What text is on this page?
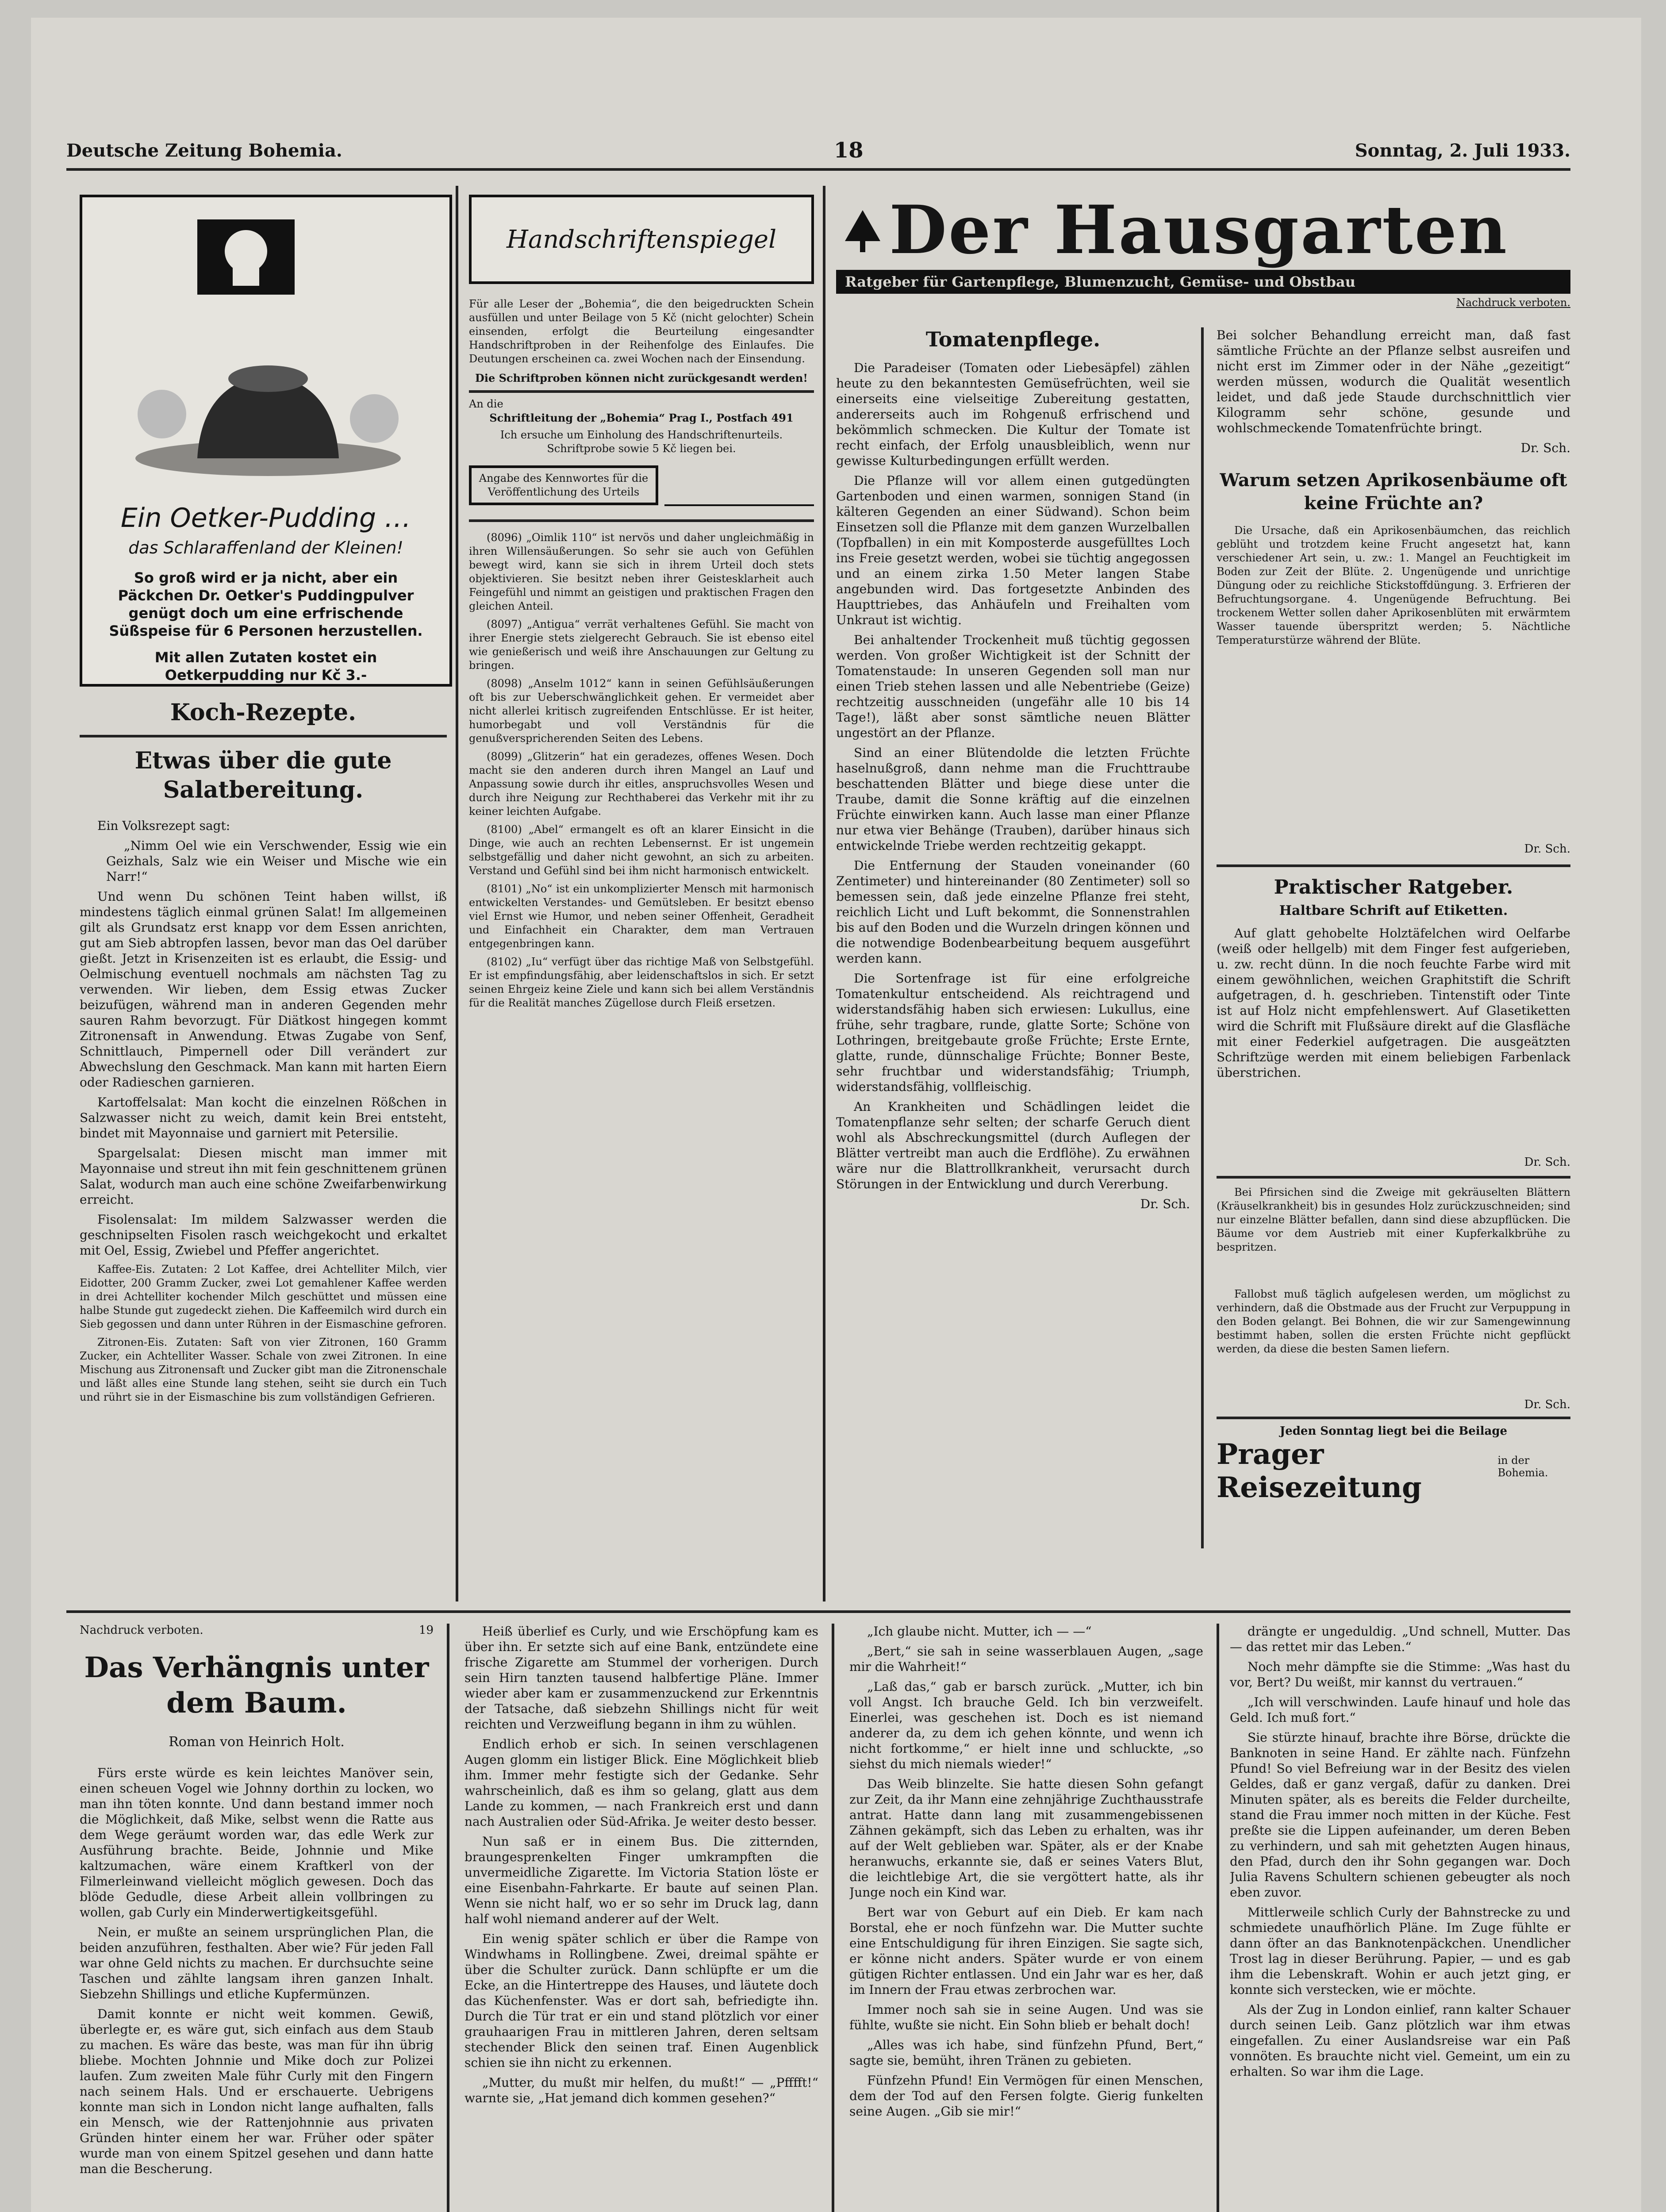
Deutsche Zeitung Bohemia.	18	Sonntag, 2. Juli 1933.
Ein Oetker-Pudding …
das Schlaraffenland der Kleinen!
So groß wird er ja nicht, aber ein Päckchen Dr. Oetker's Puddingpulver genügt doch um eine erfrischende Süßspeise für 6 Personen herzustellen.
Mit allen Zutaten kostet ein Oetkerpudding nur Kč 3.-
Koch-Rezepte.
Etwas über die gute Salatbereitung.

Ein Volksrezept sagt:

„Nimm Oel wie ein Verschwender, Essig wie ein Geizhals, Salz wie ein Weiser und Mische wie ein Narr!“

Und wenn Du schönen Teint haben willst, iß mindestens täglich einmal grünen Salat! Im allgemeinen gilt als Grundsatz erst knapp vor dem Essen anrichten, gut am Sieb abtropfen lassen, bevor man das Oel darüber gießt. Jetzt in Krisenzeiten ist es erlaubt, die Essig- und Oelmischung eventuell nochmals am nächsten Tag zu verwenden. Wir lieben, dem Essig etwas Zucker beizufügen, während man in anderen Gegenden mehr sauren Rahm bevorzugt. Für Diätkost hingegen kommt Zitronensaft in Anwendung. Etwas Zugabe von Senf, Schnittlauch, Pimpernell oder Dill verändert zur Abwechslung den Geschmack. Man kann mit harten Eiern oder Radieschen garnieren.

Kartoffelsalat: Man kocht die einzelnen Rößchen in Salzwasser nicht zu weich, damit kein Brei entsteht, bindet mit Mayonnaise und garniert mit Petersilie.

Spargelsalat: Diesen mischt man immer mit Mayonnaise und streut ihn mit fein geschnittenem grünen Salat, wodurch man auch eine schöne Zweifarbenwirkung erreicht.

Fisolensalat: Im mildem Salzwasser werden die geschnipselten Fisolen rasch weichgekocht und erkaltet mit Oel, Essig, Zwiebel und Pfeffer angerichtet.

Kaffee-Eis. Zutaten: 2 Lot Kaffee, drei Achtelliter Milch, vier Eidotter, 200 Gramm Zucker, zwei Lot gemahlener Kaffee werden in drei Achtelliter kochender Milch geschüttet und müssen eine halbe Stunde gut zugedeckt ziehen. Die Kaffeemilch wird durch ein Sieb gegossen und dann unter Rühren in der Eismaschine gefroren.

Zitronen-Eis. Zutaten: Saft von vier Zitronen, 160 Gramm Zucker, ein Achtelliter Wasser. Schale von zwei Zitronen. In eine Mischung aus Zitronensaft und Zucker gibt man die Zitronenschale und läßt alles eine Stunde lang stehen, seiht sie durch ein Tuch und rührt sie in der Eismaschine bis zum vollständigen Gefrieren.

Handschriftenspiegel
Für alle Leser der „Bohemia“, die den beigedruckten Schein ausfüllen und unter Beilage von 5 Kč (nicht gelochter) Schein einsenden, erfolgt die Beurteilung eingesandter Handschriftproben in der Reihenfolge des Einlaufes. Die Deutungen erscheinen ca. zwei Wochen nach der Einsendung.
Die Schriftproben können nicht zurückgesandt werden!
An die
Schriftleitung der „Bohemia“ Prag I., Postfach 491
Ich ersuche um Einholung des Handschriftenurteils. Schriftprobe sowie 5 Kč liegen bei.
Angabe des Kennwortes für die Veröffentlichung des Urteils

(8096) „Oimlik 110“ ist nervös und daher ungleichmäßig in ihren Willensäußerungen. So sehr sie auch von Gefühlen bewegt wird, kann sie sich in ihrem Urteil doch stets objektivieren. Sie besitzt neben ihrer Geistesklarheit auch Feingefühl und nimmt an geistigen und praktischen Fragen den gleichen Anteil.

(8097) „Antigua“ verrät verhaltenes Gefühl. Sie macht von ihrer Energie stets zielgerecht Gebrauch. Sie ist ebenso eitel wie genießerisch und weiß ihre Anschauungen zur Geltung zu bringen.

(8098) „Anselm 1012“ kann in seinen Gefühlsäußerungen oft bis zur Ueberschwänglichkeit gehen. Er vermeidet aber nicht allerlei kritisch zugreifenden Entschlüsse. Er ist heiter, humorbegabt und voll Verständnis für die genußverspricherenden Seiten des Lebens.

(8099) „Glitzerin“ hat ein geradezes, offenes Wesen. Doch macht sie den anderen durch ihren Mangel an Lauf und Anpassung sowie durch ihr eitles, anspruchsvolles Wesen und durch ihre Neigung zur Rechthaberei das Verkehr mit ihr zu keiner leichten Aufgabe.

(8100) „Abel“ ermangelt es oft an klarer Einsicht in die Dinge, wie auch an rechten Lebensernst. Er ist ungemein selbstgefällig und daher nicht gewohnt, an sich zu arbeiten. Verstand und Gefühl sind bei ihm nicht harmonisch entwickelt.

(8101) „No“ ist ein unkomplizierter Mensch mit harmonisch entwickelten Verstandes- und Gemütsleben. Er besitzt ebenso viel Ernst wie Humor, und neben seiner Offenheit, Geradheit und Einfachheit ein Charakter, dem man Vertrauen entgegenbringen kann.

(8102) „Iu“ verfügt über das richtige Maß von Selbstgefühl. Er ist empfindungsfähig, aber leidenschaftslos in sich. Er setzt seinen Ehrgeiz keine Ziele und kann sich bei allem Verständnis für die Realität manches Zügellose durch Fleiß ersetzen.

Der Hausgarten
Ratgeber für Gartenpflege, Blumenzucht, Gemüse- und Obstbau
Nachdruck verboten.
Tomatenpflege.

Die Paradeiser (Tomaten oder Liebesäpfel) zählen heute zu den bekanntesten Gemüsefrüchten, weil sie einerseits eine vielseitige Zubereitung gestatten, andererseits auch im Rohgenuß erfrischend und bekömmlich schmecken. Die Kultur der Tomate ist recht einfach, der Erfolg unausbleiblich, wenn nur gewisse Kulturbedingungen erfüllt werden.

Die Pflanze will vor allem einen gutgedüngten Gartenboden und einen warmen, sonnigen Stand (in kälteren Gegenden an einer Südwand). Schon beim Einsetzen soll die Pflanze mit dem ganzen Wurzelballen (Topfballen) in ein mit Komposterde ausgefülltes Loch ins Freie gesetzt werden, wobei sie tüchtig angegossen und an einem zirka 1.50 Meter langen Stabe angebunden wird. Das fortgesetzte Anbinden des Haupttriebes, das Anhäufeln und Freihalten vom Unkraut ist wichtig.

Bei anhaltender Trockenheit muß tüchtig gegossen werden. Von großer Wichtigkeit ist der Schnitt der Tomatenstaude: In unseren Gegenden soll man nur einen Trieb stehen lassen und alle Nebentriebe (Geize) rechtzeitig ausschneiden (ungefähr alle 10 bis 14 Tage!), läßt aber sonst sämtliche neuen Blätter ungestört an der Pflanze.

Sind an einer Blütendolde die letzten Früchte haselnußgroß, dann nehme man die Fruchttraube beschattenden Blätter und biege diese unter die Traube, damit die Sonne kräftig auf die einzelnen Früchte einwirken kann. Auch lasse man einer Pflanze nur etwa vier Behänge (Trauben), darüber hinaus sich entwickelnde Triebe werden rechtzeitig gekappt.

Die Entfernung der Stauden voneinander (60 Zentimeter) und hintereinander (80 Zentimeter) soll so bemessen sein, daß jede einzelne Pflanze frei steht, reichlich Licht und Luft bekommt, die Sonnenstrahlen bis auf den Boden und die Wurzeln dringen können und die notwendige Bodenbearbeitung bequem ausgeführt werden kann.

Die Sortenfrage ist für eine erfolgreiche Tomatenkultur entscheidend. Als reichtragend und widerstandsfähig haben sich erwiesen: Lukullus, eine frühe, sehr tragbare, runde, glatte Sorte; Schöne von Lothringen, breitgebaute große Früchte; Erste Ernte, glatte, runde, dünnschalige Früchte; Bonner Beste, sehr fruchtbar und widerstandsfähig; Triumph, widerstandsfähig, vollfleischig.

An Krankheiten und Schädlingen leidet die Tomatenpflanze sehr selten; der scharfe Geruch dient wohl als Abschreckungsmittel (durch Auflegen der Blätter vertreibt man auch die Erdflöhe). Zu erwähnen wäre nur die Blattrollkrankheit, verursacht durch Störungen in der Entwicklung und durch Vererbung.

Dr. Sch.

Bei solcher Behandlung erreicht man, daß fast sämtliche Früchte an der Pflanze selbst ausreifen und nicht erst im Zimmer oder in der Nähe „gezeitigt“ werden müssen, wodurch die Qualität wesentlich leidet, und daß jede Staude durchschnittlich vier Kilogramm sehr schöne, gesunde und wohlschmeckende Tomatenfrüchte bringt.

Dr. Sch.

Warum setzen Aprikosenbäume oft keine Früchte an?

Die Ursache, daß ein Aprikosenbäumchen, das reichlich geblüht und trotzdem keine Frucht angesetzt hat, kann verschiedener Art sein, u. zw.: 1. Mangel an Feuchtigkeit im Boden zur Zeit der Blüte. 2. Ungenügende und unrichtige Düngung oder zu reichliche Stickstoffdüngung. 3. Erfrieren der Befruchtungsorgane. 4. Ungenügende Befruchtung. Bei trockenem Wetter sollen daher Aprikosenblüten mit erwärmtem Wasser tauende überspritzt werden; 5. Nächtliche Temperaturstürze während der Blüte.

Dr. Sch.
Praktischer Ratgeber.
Haltbare Schrift auf Etiketten.

Auf glatt gehobelte Holztäfelchen wird Oelfarbe (weiß oder hellgelb) mit dem Finger fest aufgerieben, u. zw. recht dünn. In die noch feuchte Farbe wird mit einem gewöhnlichen, weichen Graphitstift die Schrift aufgetragen, d. h. geschrieben. Tintenstift oder Tinte ist auf Holz nicht empfehlenswert. Auf Glasetiketten wird die Schrift mit Flußsäure direkt auf die Glasfläche mit einer Federkiel aufgetragen. Die ausgeätzten Schriftzüge werden mit einem beliebigen Farbenlack überstrichen.

Dr. Sch.

Bei Pfirsichen sind die Zweige mit gekräuselten Blättern (Kräuselkrankheit) bis in gesundes Holz zurückzuschneiden; sind nur einzelne Blätter befallen, dann sind diese abzupflücken. Die Bäume vor dem Austrieb mit einer Kupferkalkbrühe zu bespritzen.

Fallobst muß täglich aufgelesen werden, um möglichst zu verhindern, daß die Obstmade aus der Frucht zur Verpuppung in den Boden gelangt. Bei Bohnen, die wir zur Samengewinnung bestimmt haben, sollen die ersten Früchte nicht gepflückt werden, da diese die besten Samen liefern.

Dr. Sch.
Jeden Sonntag liegt bei die Beilage
Prager Reisezeitung
in der Bohemia.
Nachdruck verboten.	19
Das Verhängnis unter dem Baum.
Roman von Heinrich Holt.

Fürs erste würde es kein leichtes Manöver sein, einen scheuen Vogel wie Johnny dorthin zu locken, wo man ihn töten konnte. Und dann bestand immer noch die Möglichkeit, daß Mike, selbst wenn die Ratte aus dem Wege geräumt worden war, das edle Werk zur Ausführung brachte. Beide, Johnnie und Mike kaltzumachen, wäre einem Kraftkerl von der Filmerleinwand vielleicht möglich gewesen. Doch das blöde Gedudle, diese Arbeit allein vollbringen zu wollen, gab Curly ein Minderwertigkeitsgefühl.

Nein, er mußte an seinem ursprünglichen Plan, die beiden anzuführen, festhalten. Aber wie? Für jeden Fall war ohne Geld nichts zu machen. Er durchsuchte seine Taschen und zählte langsam ihren ganzen Inhalt. Siebzehn Shillings und etliche Kupfermünzen.

Damit konnte er nicht weit kommen. Gewiß, überlegte er, es wäre gut, sich einfach aus dem Staub zu machen. Es wäre das beste, was man für ihn übrig bliebe. Mochten Johnnie und Mike doch zur Polizei laufen. Zum zweiten Male führ Curly mit den Fingern nach seinem Hals. Und er erschauerte. Uebrigens konnte man sich in London nicht lange aufhalten, falls ein Mensch, wie der Rattenjohnnie aus privaten Gründen hinter einem her war. Früher oder später wurde man von einem Spitzel gesehen und dann hatte man die Bescherung.

Heiß überlief es Curly, und wie Erschöpfung kam es über ihn. Er setzte sich auf eine Bank, entzündete eine frische Zigarette am Stummel der vorherigen. Durch sein Hirn tanzten tausend halbfertige Pläne. Immer wieder aber kam er zusammenzuckend zur Erkenntnis der Tatsache, daß siebzehn Shillings nicht für weit reichten und Verzweiflung begann in ihm zu wühlen.

Endlich erhob er sich. In seinen verschlagenen Augen glomm ein listiger Blick. Eine Möglichkeit blieb ihm. Immer mehr festigte sich der Gedanke. Sehr wahrscheinlich, daß es ihm so gelang, glatt aus dem Lande zu kommen, — nach Frankreich erst und dann nach Australien oder Süd-Afrika. Je weiter desto besser.

Nun saß er in einem Bus. Die zitternden, braungesprenkelten Finger umkrampften die unvermeidliche Zigarette. Im Victoria Station löste er eine Eisenbahn-Fahrkarte. Er baute auf seinen Plan. Wenn sie nicht half, wo er so sehr im Druck lag, dann half wohl niemand anderer auf der Welt.

Ein wenig später schlich er über die Rampe von Windwhams in Rollingbene. Zwei, dreimal spähte er über die Schulter zurück. Dann schlüpfte er um die Ecke, an die Hintertreppe des Hauses, und läutete doch das Küchenfenster. Was er dort sah, befriedigte ihn. Durch die Tür trat er ein und stand plötzlich vor einer grauhaarigen Frau in mittleren Jahren, deren seltsam stechender Blick den seinen traf. Einen Augenblick schien sie ihn nicht zu erkennen.

„Mutter, du mußt mir helfen, du mußt!“ — „Pfffft!“ warnte sie, „Hat jemand dich kommen gesehen?“

„Ich glaube nicht. Mutter, ich — —“

„Bert,“ sie sah in seine wasserblauen Augen, „sage mir die Wahrheit!“

„Laß das,“ gab er barsch zurück. „Mutter, ich bin voll Angst. Ich brauche Geld. Ich bin verzweifelt. Einerlei, was geschehen ist. Doch es ist niemand anderer da, zu dem ich gehen könnte, und wenn ich nicht fortkomme,“ er hielt inne und schluckte, „so siehst du mich niemals wieder!“

Das Weib blinzelte. Sie hatte diesen Sohn gefangt zur Zeit, da ihr Mann eine zehnjährige Zuchthausstrafe antrat. Hatte dann lang mit zusammengebissenen Zähnen gekämpft, sich das Leben zu erhalten, was ihr auf der Welt geblieben war. Später, als er der Knabe heranwuchs, erkannte sie, daß er seines Vaters Blut, die leichtlebige Art, die sie vergöttert hatte, als ihr Junge noch ein Kind war.

Bert war von Geburt auf ein Dieb. Er kam nach Borstal, ehe er noch fünfzehn war. Die Mutter suchte eine Entschuldigung für ihren Einzigen. Sie sagte sich, er könne nicht anders. Später wurde er von einem gütigen Richter entlassen. Und ein Jahr war es her, daß im Innern der Frau etwas zerbrochen war.

Immer noch sah sie in seine Augen. Und was sie fühlte, wußte sie nicht. Ein Sohn blieb er behalt doch!

„Alles was ich habe, sind fünfzehn Pfund, Bert,“ sagte sie, bemüht, ihren Tränen zu gebieten.

Fünfzehn Pfund! Ein Vermögen für einen Menschen, dem der Tod auf den Fersen folgte. Gierig funkelten seine Augen. „Gib sie mir!“

drängte er ungeduldig. „Und schnell, Mutter. Das — das rettet mir das Leben.“

Noch mehr dämpfte sie die Stimme: „Was hast du vor, Bert? Du weißt, mir kannst du vertrauen.“

„Ich will verschwinden. Laufe hinauf und hole das Geld. Ich muß fort.“

Sie stürzte hinauf, brachte ihre Börse, drückte die Banknoten in seine Hand. Er zählte nach. Fünfzehn Pfund! So viel Befreiung war in der Besitz des vielen Geldes, daß er ganz vergaß, dafür zu danken. Drei Minuten später, als es bereits die Felder durcheilte, stand die Frau immer noch mitten in der Küche. Fest preßte sie die Lippen aufeinander, um deren Beben zu verhindern, und sah mit gehetzten Augen hinaus, den Pfad, durch den ihr Sohn gegangen war. Doch Julia Ravens Schultern schienen gebeugter als noch eben zuvor.

Mittlerweile schlich Curly der Bahnstrecke zu und schmiedete unaufhörlich Pläne. Im Zuge fühlte er dann öfter an das Banknotenpäckchen. Unendlicher Trost lag in dieser Berührung. Papier, — und es gab ihm die Lebenskraft. Wohin er auch jetzt ging, er konnte sich verstecken, wie er möchte.

Als der Zug in London einlief, rann kalter Schauer durch seinen Leib. Ganz plötzlich war ihm etwas eingefallen. Zu einer Auslandsreise war ein Paß vonnöten. Es brauchte nicht viel. Gemeint, um ein zu erhalten. So war ihm die Lage.
